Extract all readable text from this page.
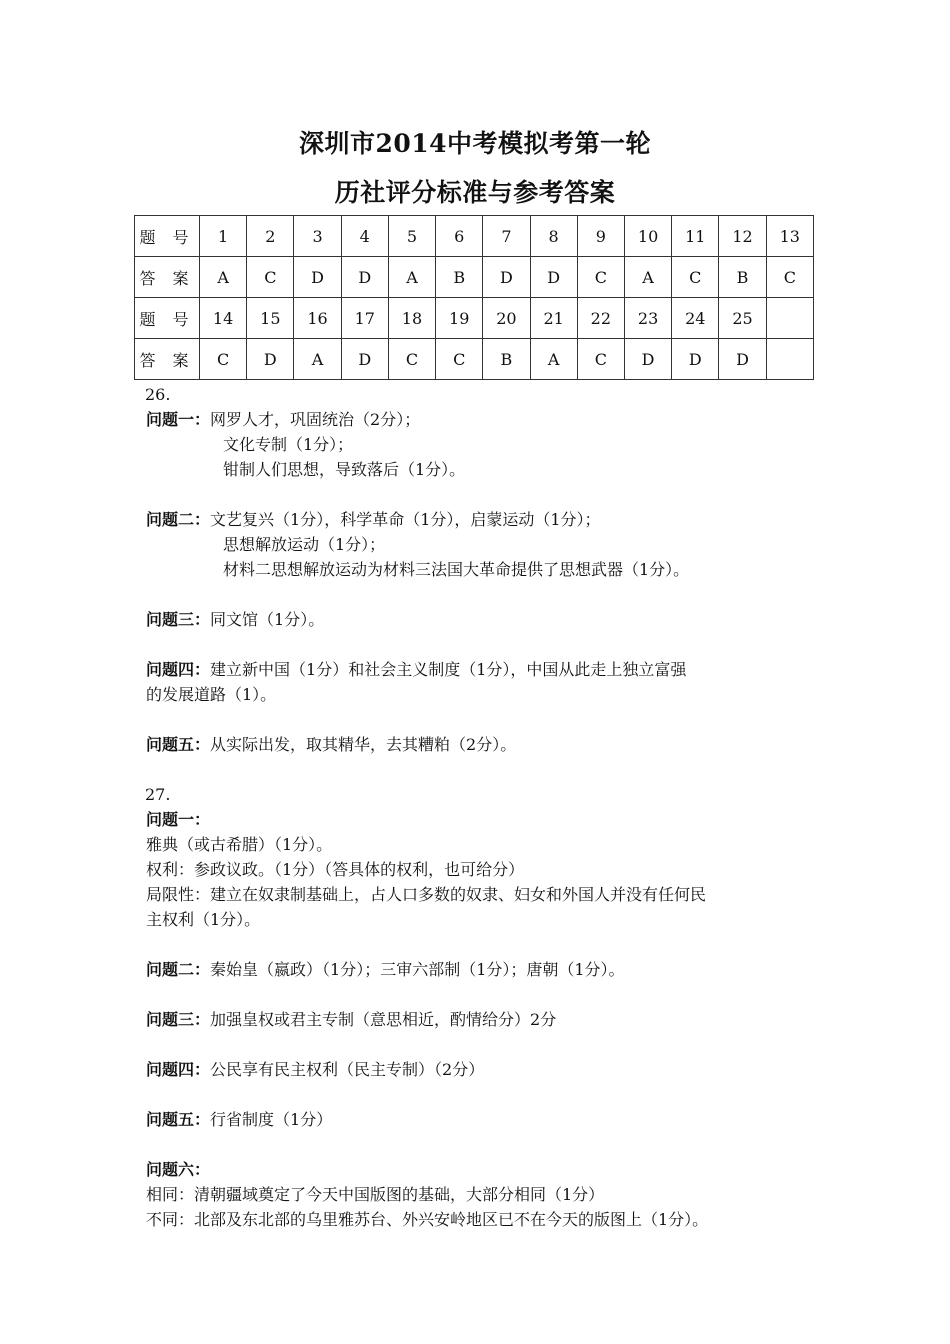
深圳市2014中考模拟考第一轮
历社评分标准与参考答案
题 号	1	2	3	4	5	6	7	8	9	10	11	12	13
答 案	A	C	D	D	A	B	D	D	C	A	C	B	C
题 号	14	15	16	17	18	19	20	21	22	23	24	25	
答 案	C	D	A	D	C	C	B	A	C	D	D	D	
26.
问题一：网罗人才，巩固统治（2分）；
文化专制（1分）；
钳制人们思想，导致落后（1分）。
问题二：文艺复兴（1分），科学革命（1分），启蒙运动（1分）；
思想解放运动（1分）；
材料二思想解放运动为材料三法国大革命提供了思想武器（1分）。
问题三：同文馆（1分）。
问题四：建立新中国（1分）和社会主义制度（1分），中国从此走上独立富强
的发展道路（1）。
问题五：从实际出发，取其精华，去其糟粕（2分）。
27.
问题一：
雅典（或古希腊）（1分）。
权利：参政议政。（1分）（答具体的权利，也可给分）
局限性：建立在奴隶制基础上，占人口多数的奴隶、妇女和外国人并没有任何民
主权利（1分）。
问题二：秦始皇（嬴政）（1分）；三审六部制（1分）；唐朝（1分）。
问题三：加强皇权或君主专制（意思相近，酌情给分）2分
问题四：公民享有民主权利（民主专制）（2分）
问题五：行省制度（1分）
问题六：
相同：清朝疆域奠定了今天中国版图的基础，大部分相同（1分）
不同：北部及东北部的乌里雅苏台、外兴安岭地区已不在今天的版图上（1分）。
